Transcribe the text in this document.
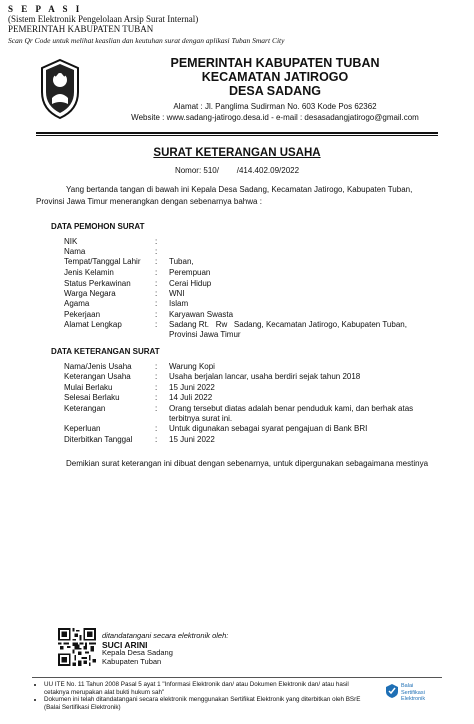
S E P A S I
(Sistem Elektronik Pengelolaan Arsip Surat Internal)
PEMERINTAH KABUPATEN TUBAN
Scan Qr Code untuk melihat keaslian dan keutuhan surat dengan aplikasi Tuban Smart City
PEMERINTAH KABUPATEN TUBAN
KECAMATAN JATIROGO
DESA SADANG
Alamat : Jl. Panglima Sudirman No. 603 Kode Pos 62362
Website : www.sadang-jatirogo.desa.id - e-mail : desasadangjatirogo@gmail.com
SURAT KETERANGAN USAHA
Nomor: 510/        /414.402.09/2022
Yang bertanda tangan di bawah ini Kepala Desa Sadang, Kecamatan Jatirogo, Kabupaten Tuban, Provinsi Jawa Timur menerangkan dengan sebenarnya bahwa :
DATA PEMOHON SURAT
NIK	:
Nama	:
Tempat/Tanggal Lahir	:	Tuban,
Jenis Kelamin	:	Perempuan
Status Perkawinan	:	Cerai Hidup
Warga Negara	:	WNI
Agama	:	Islam
Pekerjaan	:	Karyawan Swasta
Alamat Lengkap	:	Sadang Rt.   Rw   Sadang, Kecamatan Jatirogo, Kabupaten Tuban, Provinsi Jawa Timur
DATA KETERANGAN SURAT
Nama/Jenis Usaha	:	Warung Kopi
Keterangan Usaha	:	Usaha berjalan lancar, usaha berdiri sejak tahun 2018
Mulai Berlaku	:	15 Juni 2022
Selesai Berlaku	:	14 Juli 2022
Keterangan	:	Orang tersebut diatas adalah benar penduduk kami, dan berhak atas terbitnya surat ini.
Keperluan	:	Untuk digunakan sebagai syarat pengajuan di Bank BRI
Diterbitkan Tanggal	:	15 Juni 2022
Demikian surat keterangan ini dibuat dengan sebenarnya, untuk dipergunakan sebagaimana mestinya
ditandatangani secara elektronik oleh:
SUCI ARINI
Kepala Desa Sadang
Kabupaten Tuban
• UU ITE No. 11 Tahun 2008 Pasal 5 ayat 1 "Informasi Elektronik dan/ atau Dokumen Elektronik dan/ atau hasil cetaknya merupakan alat bukti hukum sah"
• Dokumen ini telah ditandatangani secara elektronik menggunakan Sertifikat Elektronik yang diterbitkan oleh BSrE (Balai Sertifikasi Elektronik)
Balai
Sertifikasi
Elektronik
